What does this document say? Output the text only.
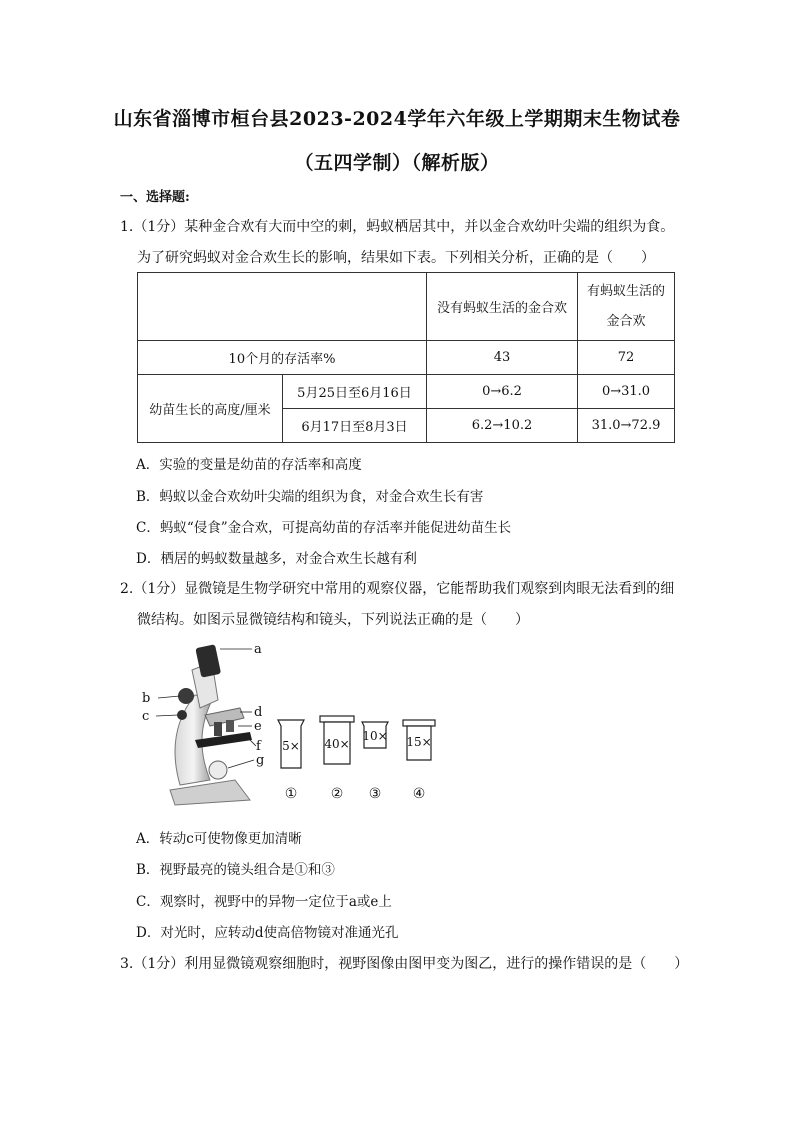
山东省淄博市桓台县2023-2024学年六年级上学期期末生物试卷
（五四学制）（解析版）
一、选择题:
1.（1分）某种金合欢有大而中空的刺，蚂蚁栖居其中，并以金合欢幼叶尖端的组织为食。
为了研究蚂蚁对金合欢生长的影响，结果如下表。下列相关分析，正确的是（　　）
		没有蚂蚁生活的金合欢	有蚂蚁生活的
金合欢

10个月的存活率%		43	72
幼苗生长的高度/厘米	5月25日至6月16日	0→6.2	0→31.0
	6月17日至8月3日	6.2→10.2	31.0→72.9
A．实验的变量是幼苗的存活率和高度
B．蚂蚁以金合欢幼叶尖端的组织为食，对金合欢生长有害
C．蚂蚁“侵食”金合欢，可提高幼苗的存活率并能促进幼苗生长
D．栖居的蚂蚁数量越多，对金合欢生长越有利
2.（1分）显微镜是生物学研究中常用的观察仪器，它能帮助我们观察到肉眼无法看到的细
微结构。如图示显微镜结构和镜头，下列说法正确的是（　　）
a
b
c	d
e
f
g
5× 40×
10× 15×
① ② ③ ④
A．转动c可使物像更加清晰
B．视野最亮的镜头组合是①和③
C．观察时，视野中的异物一定位于a或e上
D．对光时，应转动d使高倍物镜对准通光孔
3.（1分）利用显微镜观察细胞时，视野图像由图甲变为图乙，进行的操作错误的是（　　）
